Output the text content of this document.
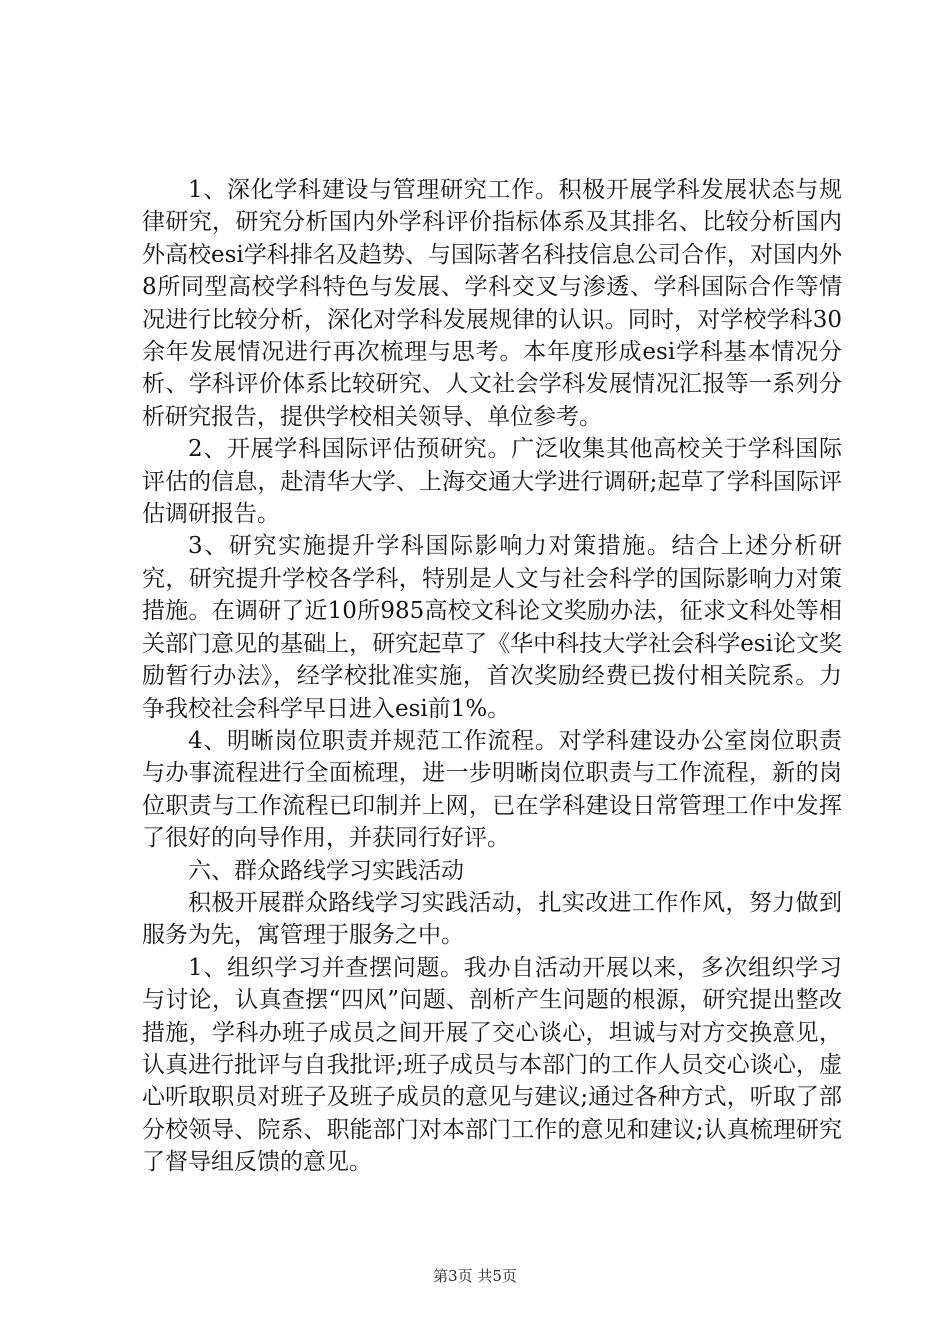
1、深化学科建设与管理研究工作。积极开展学科发展状态与规律研究，研究分析国内外学科评价指标体系及其排名、比较分析国内外高校esi学科排名及趋势、与国际著名科技信息公司合作，对国内外8所同型高校学科特色与发展、学科交叉与渗透、学科国际合作等情况进行比较分析，深化对学科发展规律的认识。同时，对学校学科30余年发展情况进行再次梳理与思考。本年度形成esi学科基本情况分析、学科评价体系比较研究、人文社会学科发展情况汇报等一系列分析研究报告，提供学校相关领导、单位参考。

2、开展学科国际评估预研究。广泛收集其他高校关于学科国际评估的信息，赴清华大学、上海交通大学进行调研;起草了学科国际评估调研报告。

3、研究实施提升学科国际影响力对策措施。结合上述分析研究，研究提升学校各学科，特别是人文与社会科学的国际影响力对策措施。在调研了近10所985高校文科论文奖励办法，征求文科处等相关部门意见的基础上，研究起草了《华中科技大学社会科学esi论文奖励暂行办法》，经学校批准实施，首次奖励经费已拨付相关院系。力争我校社会科学早日进入esi前1%。

4、明晰岗位职责并规范工作流程。对学科建设办公室岗位职责与办事流程进行全面梳理，进一步明晰岗位职责与工作流程，新的岗位职责与工作流程已印制并上网，已在学科建设日常管理工作中发挥了很好的向导作用，并获同行好评。

六、群众路线学习实践活动

积极开展群众路线学习实践活动，扎实改进工作作风，努力做到服务为先，寓管理于服务之中。

1、组织学习并查摆问题。我办自活动开展以来，多次组织学习与讨论，认真查摆“四风”问题、剖析产生问题的根源，研究提出整改措施，学科办班子成员之间开展了交心谈心，坦诚与对方交换意见，认真进行批评与自我批评;班子成员与本部门的工作人员交心谈心，虚心听取职员对班子及班子成员的意见与建议;通过各种方式，听取了部分校领导、院系、职能部门对本部门工作的意见和建议;认真梳理研究了督导组反馈的意见。

第3页 共5页
